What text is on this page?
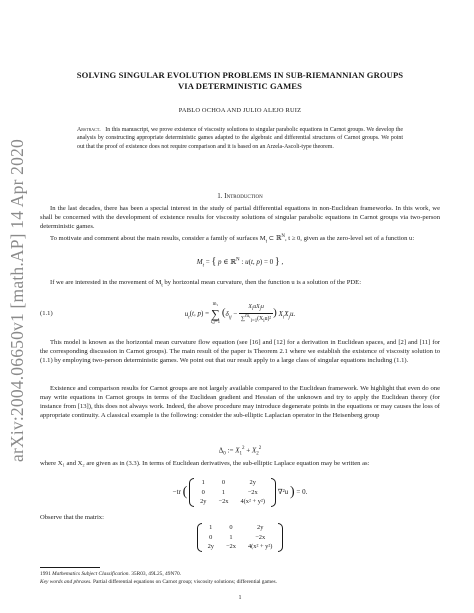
arXiv:2004.06650v1 [math.AP] 14 Apr 2020
SOLVING SINGULAR EVOLUTION PROBLEMS IN SUB-RIEMANNIAN GROUPS
VIA DETERMINISTIC GAMES
PABLO OCHOA AND JULIO ALEJO RUIZ
Abstract. In this manuscript, we prove existence of viscosity solutions to singular parabolic equations in Carnot groups. We develop the analysis by constructing appropriate deterministic games adapted to the algebraic and differential structures of Carnot groups. We point out that the proof of existence does not require comparison and it is based on an Arzela-Ascoli-type theorem.
1. Introduction

In the last decades, there has been a special interest in the study of partial differential equations in non-Euclidean frameworks. In this work, we shall be concerned with the development of existence results for viscosity solutions of singular parabolic equations in Carnot groups via two-person deterministic games.

To motivate and comment about the main results, consider a family of surfaces $M_t$ ⊂ ℝ$^N$, t ≥ 0, given as the zero-level set of a function u:

$M_t$ = { p ∈ ℝ$^N$ : u(t, p) = 0 } ,

If we are interested in the movement of $M_t$ by horizontal mean curvature, then the function u is a solution of the PDE:

(1.1)	$u_t(t$, p) = m₁
∑
i,j=1 ($\delta_{ij} - \frac{X_iuX_ju}{\sum^{m_1}_{l=1}(X_lu)^2}$ ) $X_iX_ju$.

This model is known as the horizontal mean curvature flow equation (see [16] and [12] for a derivation in Euclidean spaces, and [2] and [11] for the corresponding discussion in Carnot groups). The main result of the paper is Theorem 2.1 where we establish the existence of viscosity solution to (1.1) by employing two-person deterministic games. We point out that our result apply to a large class of singular equations including (1.1).

Existence and comparison results for Carnot groups are not largely available compared to the Euclidean framework. We highlight that even do one may write equations in Carnot groups in terms of the Euclidean gradient and Hessian of the unknown and try to apply the Euclidean theory (for instance from [13]), this does not always work. Indeed, the above procedure may introduce degenerate points in the equations or may causes the loss of appropriate continuity. A classical example is the following: consider the sub-elliptic Laplacian operator in the Heisenberg group

$\Delta_0$ := $X_1^2 + X_2^2$

where X₁ and X₂ are given as in (3.3). In terms of Euclidean derivatives, the sub-elliptic Laplace equation may be written as:

−tr (
1	0	2y
0	1	−2x
2y	−2x	4(x² + y²)
∇²u ) = 0.

Observe that the matrix:

1	0	2y
0	1	−2x
2y	−2x	4(x² + y²)

1991 Mathematics Subject Classification. 35R03, 49L25, 49N70.

Key words and phrases. Partial differential equations on Carnot group; viscosity solutions; differential games.

1
